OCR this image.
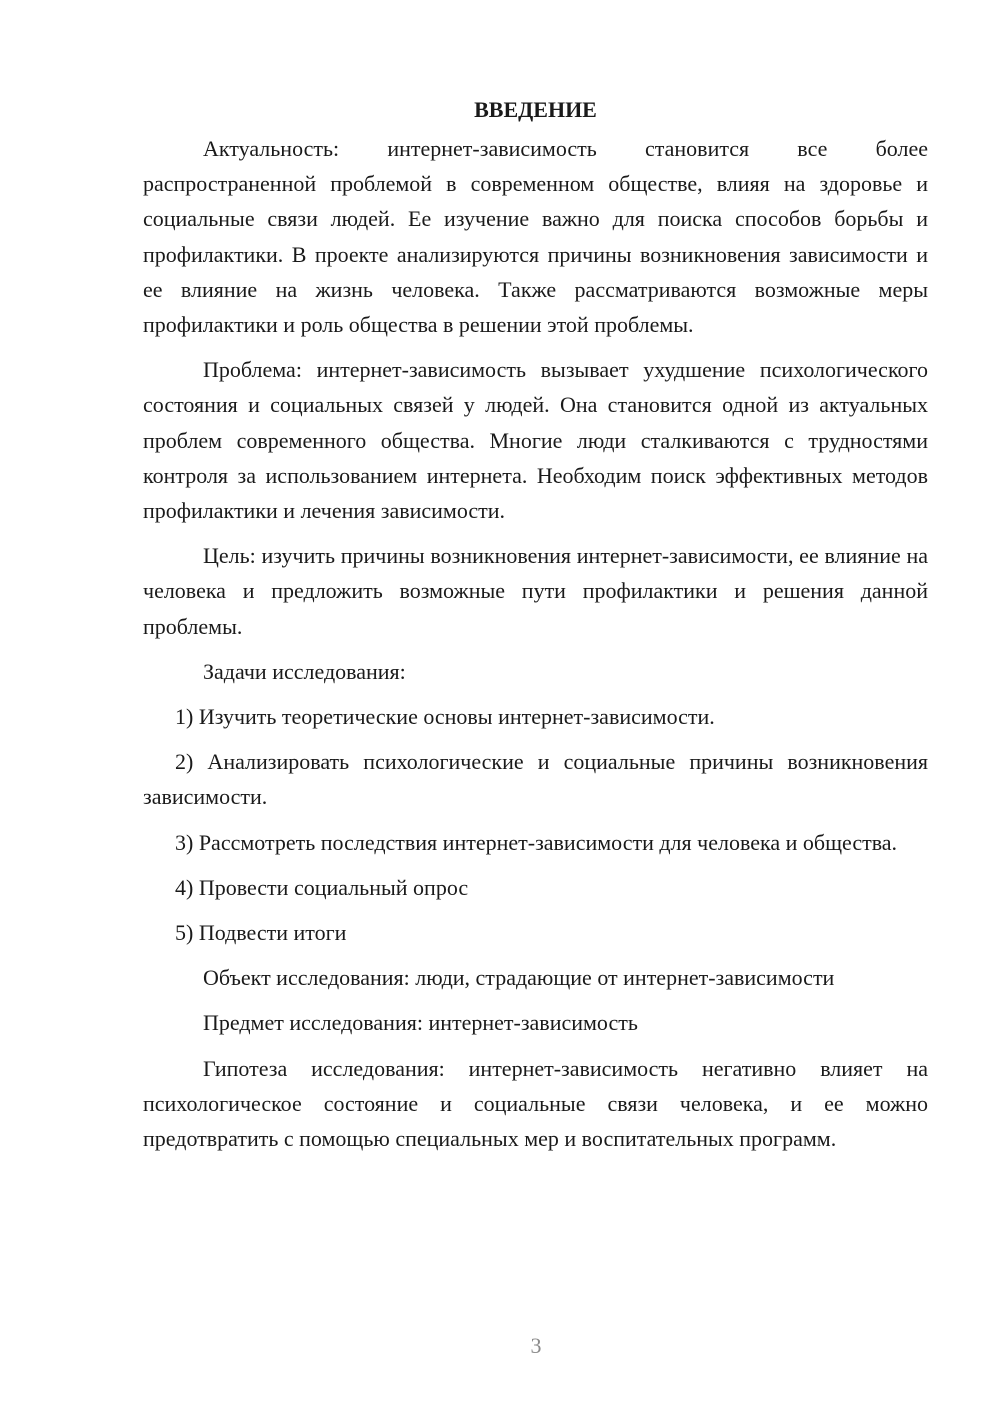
ВВЕДЕНИЕ

Актуальность: интернет-зависимость становится все более распространенной проблемой в современном обществе, влияя на здоровье и социальные связи людей. Ее изучение важно для поиска способов борьбы и профилактики. В проекте анализируются причины возникновения зависимости и ее влияние на жизнь человека. Также рассматриваются возможные меры профилактики и роль общества в решении этой проблемы.

Проблема: интернет-зависимость вызывает ухудшение психологического состояния и социальных связей у людей. Она становится одной из актуальных проблем современного общества. Многие люди сталкиваются с трудностями контроля за использованием интернета. Необходим поиск эффективных методов профилактики и лечения зависимости.

Цель: изучить причины возникновения интернет-зависимости, ее влияние на человека и предложить возможные пути профилактики и решения данной проблемы.

Задачи исследования:

1) Изучить теоретические основы интернет-зависимости.

2) Анализировать психологические и социальные причины возникновения зависимости.

3) Рассмотреть последствия интернет-зависимости для человека и общества.

4) Провести социальный опрос

5) Подвести итоги

Объект исследования: люди, страдающие от интернет-зависимости

Предмет исследования: интернет-зависимость

Гипотеза исследования: интернет-зависимость негативно влияет на психологическое состояние и социальные связи человека, и ее можно предотвратить с помощью специальных мер и воспитательных программ.

3
